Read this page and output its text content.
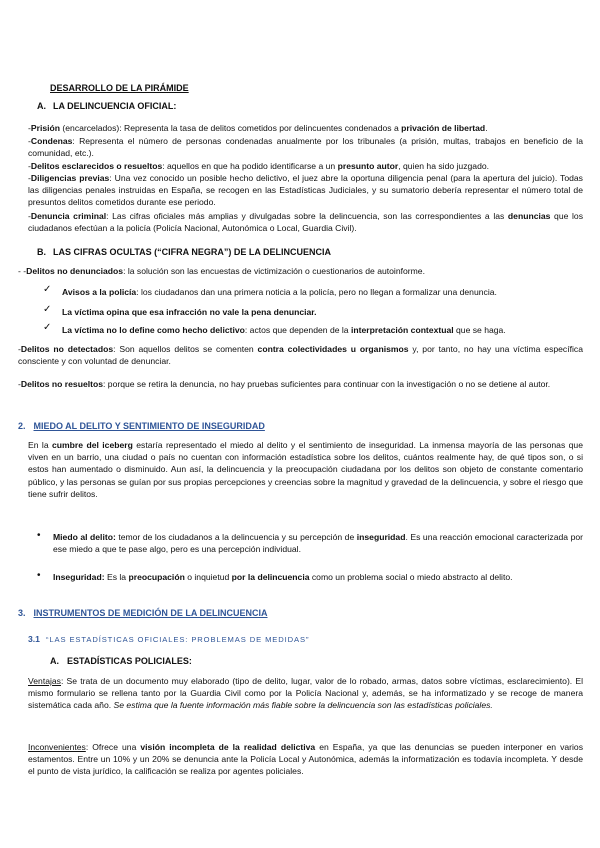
DESARROLLO DE LA PIRÁMIDE
A. LA DELINCUENCIA OFICIAL:
-Prisión (encarcelados): Representa la tasa de delitos cometidos por delincuentes condenados a privación de libertad.
-Condenas: Representa el número de personas condenadas anualmente por los tribunales (a prisión, multas, trabajos en beneficio de la comunidad, etc.).
-Delitos esclarecidos o resueltos: aquellos en que ha podido identificarse a un presunto autor, quien ha sido juzgado.
-Diligencias previas: Una vez conocido un posible hecho delictivo, el juez abre la oportuna diligencia penal (para la apertura del juicio). Todas las diligencias penales instruidas en España, se recogen en las Estadísticas Judiciales, y su sumatorio debería representar el número total de presuntos delitos cometidos durante ese periodo.
-Denuncia criminal: Las cifras oficiales más amplias y divulgadas sobre la delincuencia, son las correspondientes a las denuncias que los ciudadanos efectúan a la policía (Policía Nacional, Autonómica o Local, Guardia Civil).
B. LAS CIFRAS OCULTAS (“CIFRA NEGRA”) DE LA DELINCUENCIA
- -Delitos no denunciados: la solución son las encuestas de victimización o cuestionarios de autoinforme.
✓ Avisos a la policía: los ciudadanos dan una primera noticia a la policía, pero no llegan a formalizar una denuncia.
✓ La víctima opina que esa infracción no vale la pena denunciar.
✓ La víctima no lo define como hecho delictivo: actos que dependen de la interpretación contextual que se haga.
-Delitos no detectados: Son aquellos delitos se comenten contra colectividades u organismos y, por tanto, no hay una víctima específica consciente y con voluntad de denunciar.
-Delitos no resueltos: porque se retira la denuncia, no hay pruebas suficientes para continuar con la investigación o no se detiene al autor.
2. MIEDO AL DELITO Y SENTIMIENTO DE INSEGURIDAD
En la cumbre del iceberg estaría representado el miedo al delito y el sentimiento de inseguridad. La inmensa mayoría de las personas que viven en un barrio, una ciudad o país no cuentan con información estadística sobre los delitos, cuántos realmente hay, de qué tipos son, o si estos han aumentado o disminuido. Aun así, la delincuencia y la preocupación ciudadana por los delitos son objeto de constante comentario público, y las personas se guían por sus propias percepciones y creencias sobre la magnitud y gravedad de la delincuencia, y sobre el riesgo que tiene sufrir delitos.
• Miedo al delito: temor de los ciudadanos a la delincuencia y su percepción de inseguridad. Es una reacción emocional caracterizada por ese miedo a que te pase algo, pero es una percepción individual.
• Inseguridad: Es la preocupación o inquietud por la delincuencia como un problema social o miedo abstracto al delito.
3. INSTRUMENTOS DE MEDICIÓN DE LA DELINCUENCIA
3.1 “LAS ESTADÍSTICAS OFICIALES: PROBLEMAS DE MEDIDAS”
A. ESTADÍSTICAS POLICIALES:
Ventajas: Se trata de un documento muy elaborado (tipo de delito, lugar, valor de lo robado, armas, datos sobre víctimas, esclarecimiento). El mismo formulario se rellena tanto por la Guardia Civil como por la Policía Nacional y, además, se ha informatizado y se recoge de manera sistemática cada año. Se estima que la fuente información más fiable sobre la delincuencia son las estadísticas policiales.
Inconvenientes: Ofrece una visión incompleta de la realidad delictiva en España, ya que las denuncias se pueden interponer en varios estamentos. Entre un 10% y un 20% se denuncia ante la Policía Local y Autonómica, además la informatización es todavía incompleta. Y desde el punto de vista jurídico, la calificación se realiza por agentes policiales.
